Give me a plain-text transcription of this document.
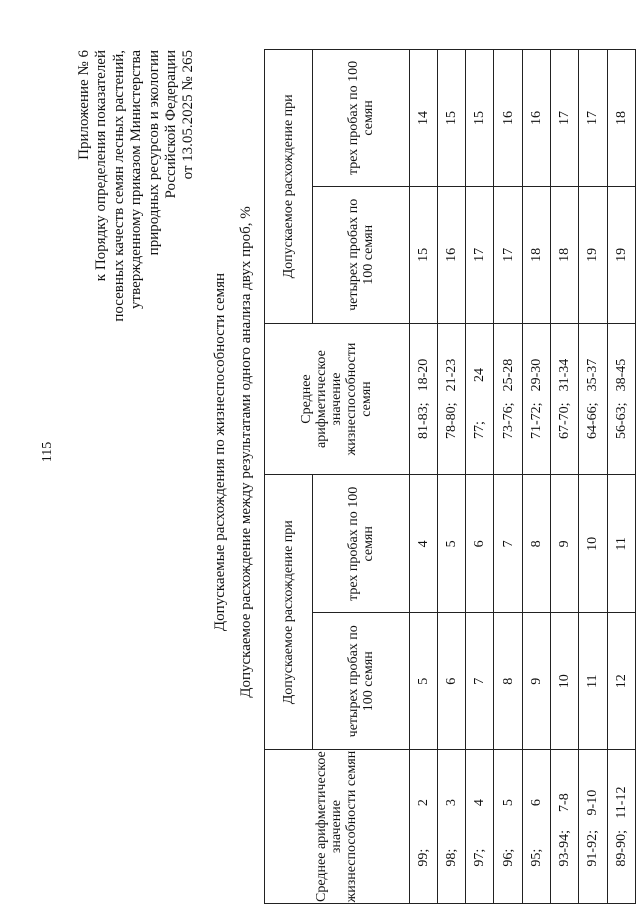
115
Приложение № 6 к Порядку определения показателей посевных качеств семян лесных растений, утвержденному приказом Министерства природных ресурсов и экологии Российской Федерации от 13.05.2025 № 265
Допускаемые расхождения по жизнеспособности семян Допускаемое расхождение между результатами одного анализа двух проб, %
Среднее арифметическое значение жизнеспособности семян	Допускаемое расхождение при		Среднее арифметическое значение жизнеспособности семян	Допускаемое расхождение при	
	четырех пробах по 100 семян	трех пробах по 100 семян		четырех пробах по 100 семян	трех пробах по 100 семян
99;2	5	4	81-83;18-20	15	14
98;3	6	5	78-80;21-23	16	15
97;4	7	6	77;24	17	15
96;5	8	7	73-76;25-28	17	16
95;6	9	8	71-72;29-30	18	16
93-94;7-8	10	9	67-70;31-34	18	17
91-92;9-10	11	10	64-66;35-37	19	17
89-90;11-12	12	11	56-63;38-45	19	18
